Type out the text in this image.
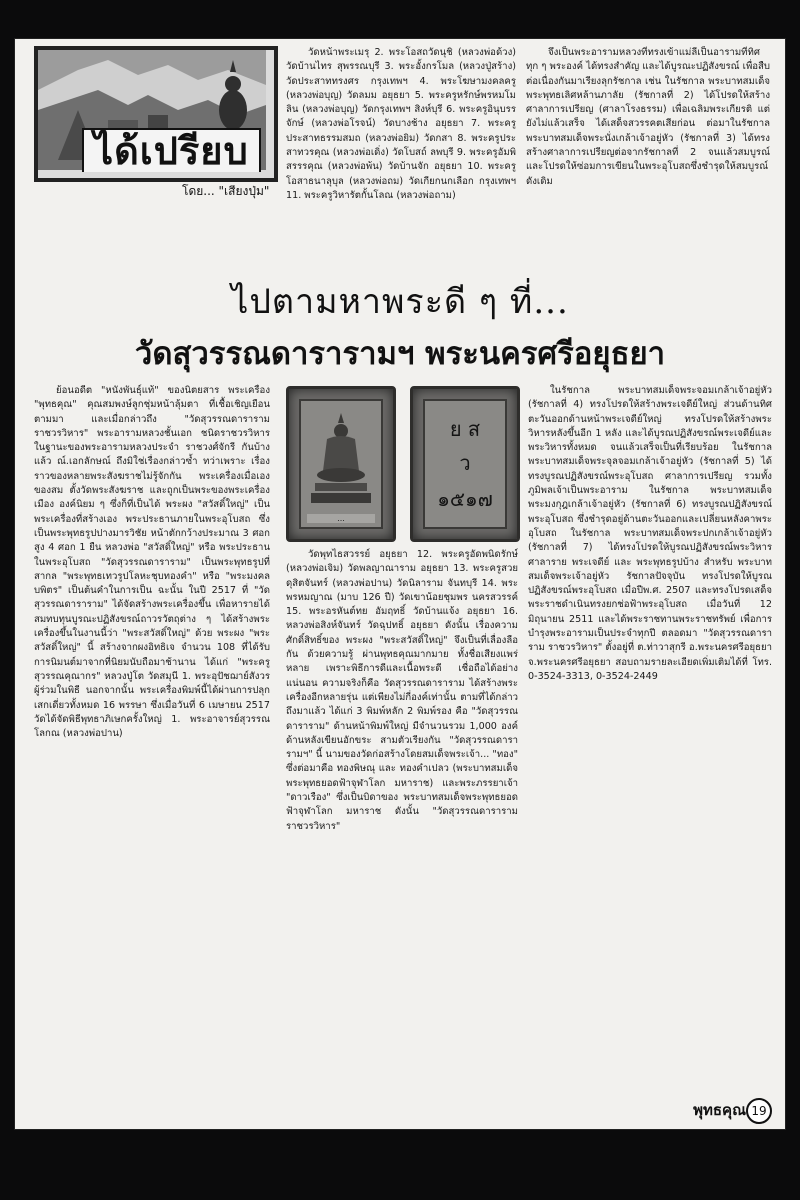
ได้เปรียบ
โดย... "เสียงปุ่ม"

วัดหน้าพระเมรุ 2. พระโอสถวัดนุชิ (หลวงพ่อด้วง) วัดบ้านไทร สุพรรณบุรี 3. พระอั้งกรโมล (หลวงปู่สร้าง) วัดประสาททรงศร กรุงเทพฯ 4. พระโฆษามงคลครู (หลวงพ่อบุญ) วัดลมม อยุธยา 5. พระครูหรักษ์พรหมโมลิน (หลวงพ่อบุญ) วัดกรุงเทพฯ สิงห์บุรี 6. พระครูอินุบรรจักษ์ (หลวงพ่อโรจน์) วัดบางช้าง อยุธยา 7. พระครูประสาทธรรมสมถ (หลวงพ่อยิม) วัดกสา 8. พระครูประสาทวรคุณ (หลวงพ่อเดิ่ง) วัดโบสถ์ ลพบุรี 9. พระครูอัมพิสรรรคุณ (หลวงพ่อพ้น) วัดบ้านจัก อยุธยา 10. พระครูโอสาธนาลุบุล (หลวงพ่อถม) วัดเกียกนกเลือก กรุงเทพฯ 11. พระครูวิหารัตกั้นโลณ (หลวงพ่อถาม)

จึงเป็นพระอารามหลวงที่ทรงเข้าแม่ลีเป็นอารามที่ทิศ ทุก ๆ พระองค์ ได้ทรงสำคัญ และได้บูรณะปฏิสังขรณ์ เพื่อสืบต่อเนื่องกันมาเรียงลุกรัชกาล เช่น ในรัชกาล พระบาทสมเด็จพระพุทธเลิศหล้านภาลัย (รัชกาลที่ 2) ได้โปรดให้สร้างศาลาการเปรียญ (ศาลาโรงธรรม) เพื่อเฉลิมพระเกียรติ แต่ยังไม่แล้วเสร็จ ได้เสด็จสวรรคตเสียก่อน ต่อมาในรัชกาล พระบาทสมเด็จพระนั่งเกล้าเจ้าอยู่หัว (รัชกาลที่ 3) ได้ทรงสร้างศาลาการเปรียญต่อจากรัชกาลที่ 2 จนแล้วสมบูรณ์ และโปรดให้ซ่อมการเขียนในพระอุโบสถซึ่งชำรุดให้สมบูรณ์ดังเดิม

ไปตามหาพระดี ๆ ที่...
วัดสุวรรณดารารามฯ พระนครศรีอยุธยา

ย้อนอดีต "หนังพันธุ์แท้" ของนิตยสาร พระเครื่อง "พุทธคุณ" คุณสมพงษ์ลูกชุ่มหน้าลุ้มตา ที่เชื้อเชิญเยือนตามมา และเมื่อกล่าวถึง "วัดสุวรรณดารารามราชวรวิหาร" พระอารามหลวงชั้นเอก ชนิดราชวรวิหาร ในฐานะของพระอารามหลวงประจำ ราชวงศ์จักรี กันบ้างแล้ว ณ์.เอกลักษณ์ ถึงมิใช่เรื่องกล่าวซ้ำ ทว่าเพราะ เรื่องราวของหลายพระสังฆราชไม่รู้จักกัน พระเครื่องเมื่อเอง ของสม ตั้งวัดพระสังฆราช และถูกเป็นพระของพระเครื่องเมือง องค์นิยม ๆ ซึ่งก็ที่เป็นได้ พระผง "สวัสดิ์ใหญ่" เป็นพระเครื่องที่สร้างเอง พระประธานภายในพระอุโบสถ ซึ่งเป็นพระพุทธรูปปางมารวิชัย หน้าตักกว้างประมาณ 3 ศอก สูง 4 ศอก 1 ยืน หลวงพ่อ "สวัสดิ์ใหญ่" หรือ พระประธานในพระอุโบสถ "วัดสุวรรณดาราราม" เป็นพระพุทธรูปที่สากล "พระพุทธเทวรูปโลหะชุบทองคำ" หรือ "พระมงคลบพิตร" เป็นต้นคำในการเป็น ฉะนั้น ในปี 2517 ที่ "วัดสุวรรณดาราราม" ได้จัดสร้างพระเครื่องขึ้น เพื่อหารายได้สมทบทุนบูรณะปฏิสังขรณ์ถาวรวัตถุต่าง ๆ ได้สร้างพระเครื่องขึ้นในงานนี้ว่า "พระสวัสดิ์ใหญ่" ด้วย พระผง "พระสวัสดิ์ใหญ่" นี้ สร้างจากผงอิทธิเจ จำนวน 108 ที่ได้รับการนิมนต์มาจากที่นิยมนับถือมาช้านาน ได้แก่ "พระครูสุวรรณคุณากร" หลวงปู่โต วัดสมุนี 1. พระอุปัชฌาย์สังวร ผู้ร่วมในพิธี นอกจากนั้น พระเครื่องพิมพ์นี้ได้ผ่านการปลุกเสกเดี่ยวทั้งหมด 16 พรรษา ซึ่งเมื่อวันที่ 6 เมษายน 2517 วัดได้จัดพิธีพุทธาภิเษกครั้งใหญ่ 1. พระอาจารย์สุวรรณโลกณ (หลวงพ่อปาน)

...
ย ส
ว
๑๕๑๗

วัดพุทไธสวรรย์ อยุธยา 12. พระครูอัดพนิดรักษ์ (หลวงพ่อเจิม) วัดพลญาณาราม อยุธยา 13. พระครูสวย ดุสิตจันทร์ (หลวงพ่อปาน) วัดนิลาราม จันทบุรี 14. พระพรหมญาณ (มาบ 126 ปี) วัดเขาน้อยชุมพร นครสวรรค์ 15. พระอรหันต์ทย อัมฤทธิ์ วัดบ้านแจ้ง อยุธยา 16. หลวงพ่อสิงห์จันทร์ วัดฉุปทธิ์ อยุธยา ดังนั้น เรื่องความศักดิ์สิทธิ์ของ พระผง "พระสวัสดิ์ใหญ่" จึงเป็นที่เลื่องลือกัน ด้วยความรู้ ผ่านพุทธคุณมากมาย ทั้งชื่อเสียงแพร่หลาย เพราะพิธีการดีและเนื้อพระดี เชื่อถือได้อย่างแน่นอน ความจริงก็คือ วัดสุวรรณดาราราม ได้สร้างพระเครื่องอีกหลายรุ่น แต่เพียงไม่กี่องค์เท่านั้น ตามที่ได้กล่าวถึงมาแล้ว ได้แก่ 3 พิมพ์หลัก 2 พิมพ์รอง คือ "วัดสุวรรณดาราราม" ด้านหน้าพิมพ์ใหญ่ มีจำนวนรวม 1,000 องค์ ด้านหลังเขียนอักขระ สามตัวเรียงกัน "วัดสุวรรณดารารามฯ" นี้ นามของวัดก่อสร้างโดยสมเด็จพระเจ้า... "ทอง" ซึ่งต่อมาคือ ทองพิษณุ และ ทองคำเปลว (พระบาทสมเด็จพระพุทธยอดฟ้าจุฬาโลก มหาราช) และพระภรรยาเจ้า "ดาวเรือง" ซึ่งเป็นบิดาของ พระบาทสมเด็จพระพุทธยอดฟ้าจุฬาโลก มหาราช ดังนั้น "วัดสุวรรณดาราราม ราชวรวิหาร"

ในรัชกาล พระบาทสมเด็จพระจอมเกล้าเจ้าอยู่หัว (รัชกาลที่ 4) ทรงโปรดให้สร้างพระเจดีย์ใหญ่ ส่วนด้านทิศตะวันออกด้านหน้าพระเจดีย์ใหญ่ ทรงโปรดให้สร้างพระวิหารหลังขึ้นอีก 1 หลัง และได้บูรณปฏิสังขรณ์พระเจดีย์และพระวิหารทั้งหมด จนแล้วเสร็จเป็นที่เรียบร้อย ในรัชกาล พระบาทสมเด็จพระจุลจอมเกล้าเจ้าอยู่หัว (รัชกาลที่ 5) ได้ทรงบูรณปฏิสังขรณ์พระอุโบสถ ศาลาการเปรียญ รวมทั้งภูมิพลเจ้าเป็นพระอาราม ในรัชกาล พระบาทสมเด็จพระมงกุฎเกล้าเจ้าอยู่หัว (รัชกาลที่ 6) ทรงบูรณปฏิสังขรณ์พระอุโบสถ ซึ่งชำรุดอยู่ด้านตะวันออกและเปลี่ยนหลังคาพระอุโบสถ ในรัชกาล พระบาทสมเด็จพระปกเกล้าเจ้าอยู่หัว (รัชกาลที่ 7) ได้ทรงโปรดให้บูรณปฏิสังขรณ์พระวิหาร ศาลาราย พระเจดีย์ และ พระพุทธรูปบ้าง สำหรับ พระบาทสมเด็จพระเจ้าอยู่หัว รัชกาลปัจจุบัน ทรงโปรดให้บูรณปฏิสังขรณ์พระอุโบสถ เมื่อปีพ.ศ. 2507 และทรงโปรดเสด็จพระราชดำเนินทรงยกช่อฟ้าพระอุโบสถ เมื่อวันที่ 12 มิถุนายน 2511 และได้พระราชทานพระราชทรัพย์ เพื่อการบำรุงพระอารามเป็นประจำทุกปี ตลอดมา "วัดสุวรรณดาราราม ราชวรวิหาร" ตั้งอยู่ที่ ต.ท่าวาสุกรี อ.พระนครศรีอยุธยา จ.พระนครศรีอยุธยา สอบถามรายละเอียดเพิ่มเติมได้ที่ โทร. 0-3524-3313, 0-3524-2449

พุทธคุณ 19
